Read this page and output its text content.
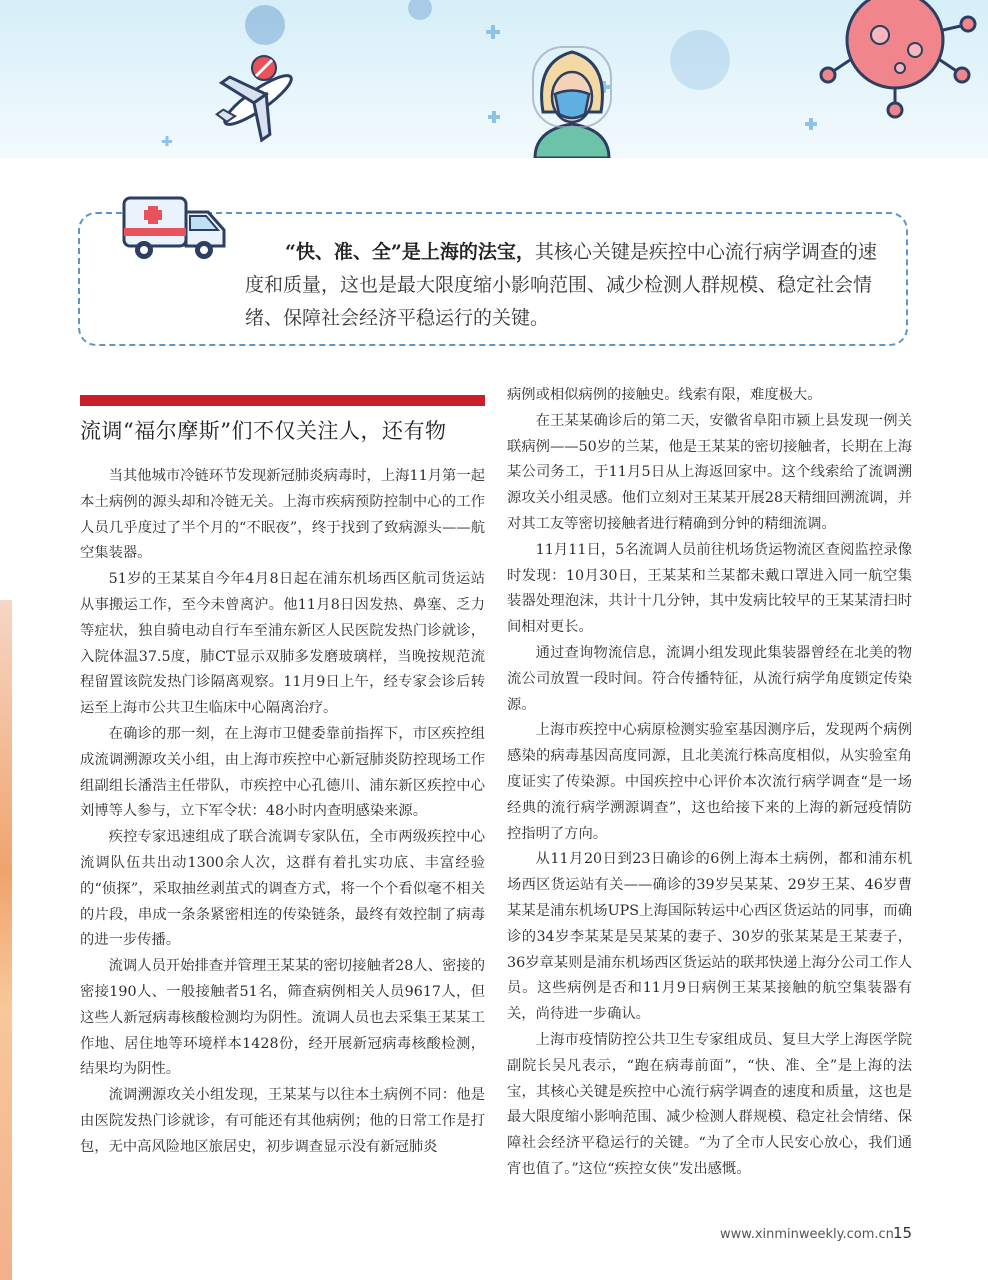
“快、准、全”是上海的法宝，其核心关键是疾控中心流行病学调查的速度和质量，这也是最大限度缩小影响范围、减少检测人群规模、稳定社会情绪、保障社会经济平稳运行的关键。
流调“福尔摩斯”们不仅关注人，还有物

当其他城市冷链环节发现新冠肺炎病毒时，上海11月第一起本土病例的源头却和冷链无关。上海市疾病预防控制中心的工作人员几乎度过了半个月的“不眠夜”，终于找到了致病源头——航空集装器。

51岁的王某某自今年4月8日起在浦东机场西区航司货运站从事搬运工作，至今未曾离沪。他11月8日因发热、鼻塞、乏力等症状，独自骑电动自行车至浦东新区人民医院发热门诊就诊，入院体温37.5度，肺CT显示双肺多发磨玻璃样，当晚按规范流程留置该院发热门诊隔离观察。11月9日上午，经专家会诊后转运至上海市公共卫生临床中心隔离治疗。

在确诊的那一刻，在上海市卫健委靠前指挥下，市区疾控组成流调溯源攻关小组，由上海市疾控中心新冠肺炎防控现场工作组副组长潘浩主任带队，市疾控中心孔德川、浦东新区疾控中心刘博等人参与，立下军令状：48小时内查明感染来源。

疾控专家迅速组成了联合流调专家队伍，全市两级疾控中心流调队伍共出动1300余人次，这群有着扎实功底、丰富经验的“侦探”，采取抽丝剥茧式的调查方式，将一个个看似毫不相关的片段，串成一条条紧密相连的传染链条，最终有效控制了病毒的进一步传播。

流调人员开始排查并管理王某某的密切接触者28人、密接的密接190人、一般接触者51名，筛查病例相关人员9617人，但这些人新冠病毒核酸检测均为阴性。流调人员也去采集王某某工作地、居住地等环境样本1428份，经开展新冠病毒核酸检测，结果均为阴性。

流调溯源攻关小组发现，王某某与以往本土病例不同：他是由医院发热门诊就诊，有可能还有其他病例；他的日常工作是打包，无中高风险地区旅居史，初步调查显示没有新冠肺炎

病例或相似病例的接触史。线索有限，难度极大。

在王某某确诊后的第二天，安徽省阜阳市颍上县发现一例关联病例——50岁的兰某，他是王某某的密切接触者，长期在上海某公司务工，于11月5日从上海返回家中。这个线索给了流调溯源攻关小组灵感。他们立刻对王某某开展28天精细回溯流调，并对其工友等密切接触者进行精确到分钟的精细流调。

11月11日，5名流调人员前往机场货运物流区查阅监控录像时发现：10月30日，王某某和兰某都未戴口罩进入同一航空集装器处理泡沫，共计十几分钟，其中发病比较早的王某某清扫时间相对更长。

通过查询物流信息，流调小组发现此集装器曾经在北美的物流公司放置一段时间。符合传播特征，从流行病学角度锁定传染源。

上海市疾控中心病原检测实验室基因测序后，发现两个病例感染的病毒基因高度同源，且北美流行株高度相似，从实验室角度证实了传染源。中国疾控中心评价本次流行病学调查“是一场经典的流行病学溯源调查”，这也给接下来的上海的新冠疫情防控指明了方向。

从11月20日到23日确诊的6例上海本土病例，都和浦东机场西区货运站有关——确诊的39岁吴某某、29岁王某、46岁曹某某是浦东机场UPS上海国际转运中心西区货运站的同事，而确诊的34岁李某某是吴某某的妻子、30岁的张某某是王某妻子，36岁章某则是浦东机场西区货运站的联邦快递上海分公司工作人员。这些病例是否和11月9日病例王某某接触的航空集装器有关，尚待进一步确认。

上海市疫情防控公共卫生专家组成员、复旦大学上海医学院副院长吴凡表示，“跑在病毒前面”，“快、准、全”是上海的法宝，其核心关键是疾控中心流行病学调查的速度和质量，这也是最大限度缩小影响范围、减少检测人群规模、稳定社会情绪、保障社会经济平稳运行的关键。“为了全市人民安心放心，我们通宵也值了。”这位“疾控女侠”发出感慨。

www.xinminweekly.com.cn 15
